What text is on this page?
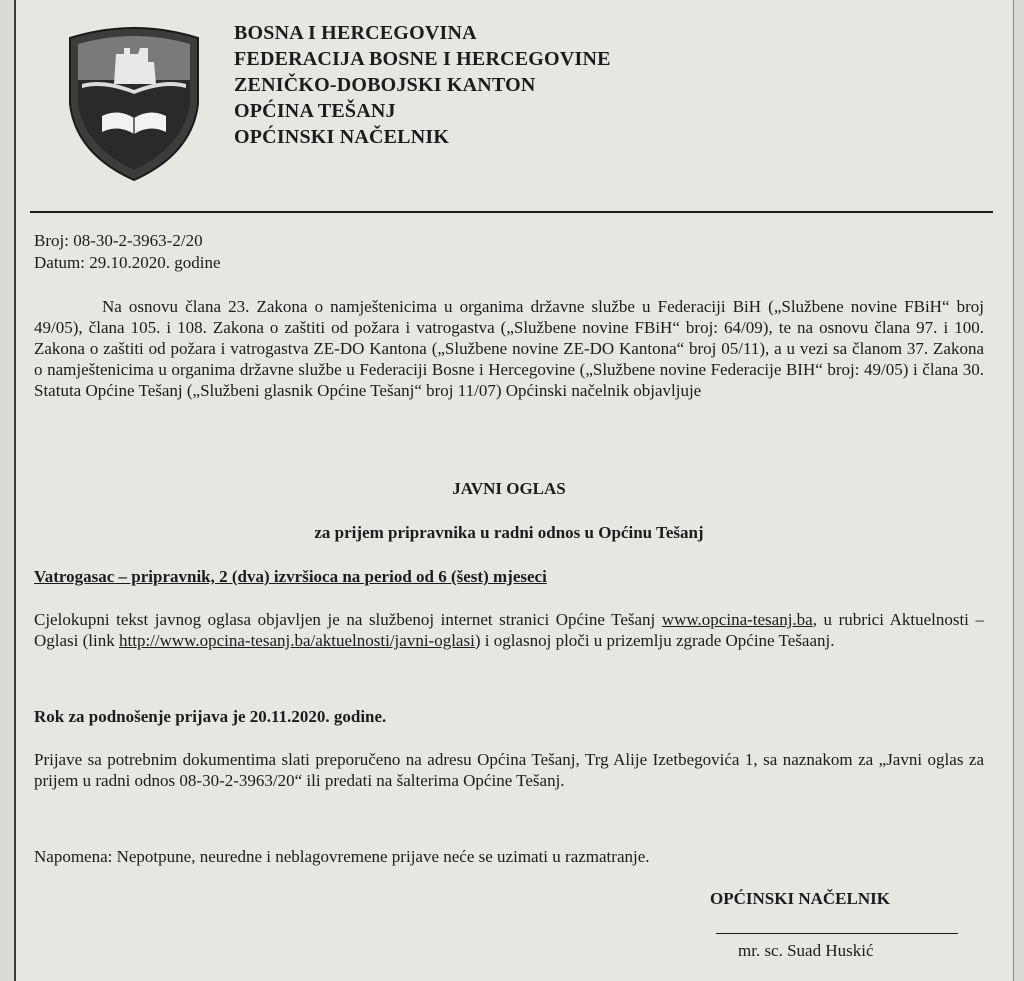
BOSNA I HERCEGOVINA
FEDERACIJA BOSNE I HERCEGOVINE
ZENIČKO-DOBOJSKI KANTON
OPĆINA TEŠANJ
OPĆINSKI NAČELNIK
Broj: 08-30-2-3963-2/20
Datum: 29.10.2020. godine
Na osnovu člana 23. Zakona o namještenicima u organima državne službe u Federaciji BiH („Službene novine FBiH“ broj 49/05), člana 105. i 108. Zakona o zaštiti od požara i vatrogastva („Službene novine FBiH“ broj: 64/09), te na osnovu člana 97. i 100. Zakona o zaštiti od požara i vatrogastva ZE-DO Kantona („Službene novine ZE-DO Kantona“ broj 05/11), a u vezi sa članom 37. Zakona o namještenicima u organima državne službe u Federaciji Bosne i Hercegovine („Službene novine Federacije BIH“ broj: 49/05) i člana 30. Statuta Općine Tešanj („Službeni glasnik Općine Tešanj“ broj 11/07) Općinski načelnik objavljuje
JAVNI OGLAS
za prijem pripravnika u radni odnos u Općinu Tešanj
Vatrogasac – pripravnik, 2 (dva) izvršioca na period od 6 (šest) mjeseci
Cjelokupni tekst javnog oglasa objavljen je na službenoj internet stranici Općine Tešanj www.opcina-tesanj.ba, u rubrici Aktuelnosti – Oglasi (link http://www.opcina-tesanj.ba/aktuelnosti/javni-oglasi) i oglasnoj ploči u prizemlju zgrade Općine Tešaanj.
Rok za podnošenje prijava je 20.11.2020. godine.
Prijave sa potrebnim dokumentima slati preporučeno na adresu Općina Tešanj, Trg Alije Izetbegovića 1, sa naznakom za „Javni oglas za prijem u radni odnos 08-30-2-3963/20“ ili predati na šalterima Općine Tešanj.
Napomena: Nepotpune, neuredne i neblagovremene prijave neće se uzimati u razmatranje.
OPĆINSKI NAČELNIK
mr. sc. Suad Huskić
